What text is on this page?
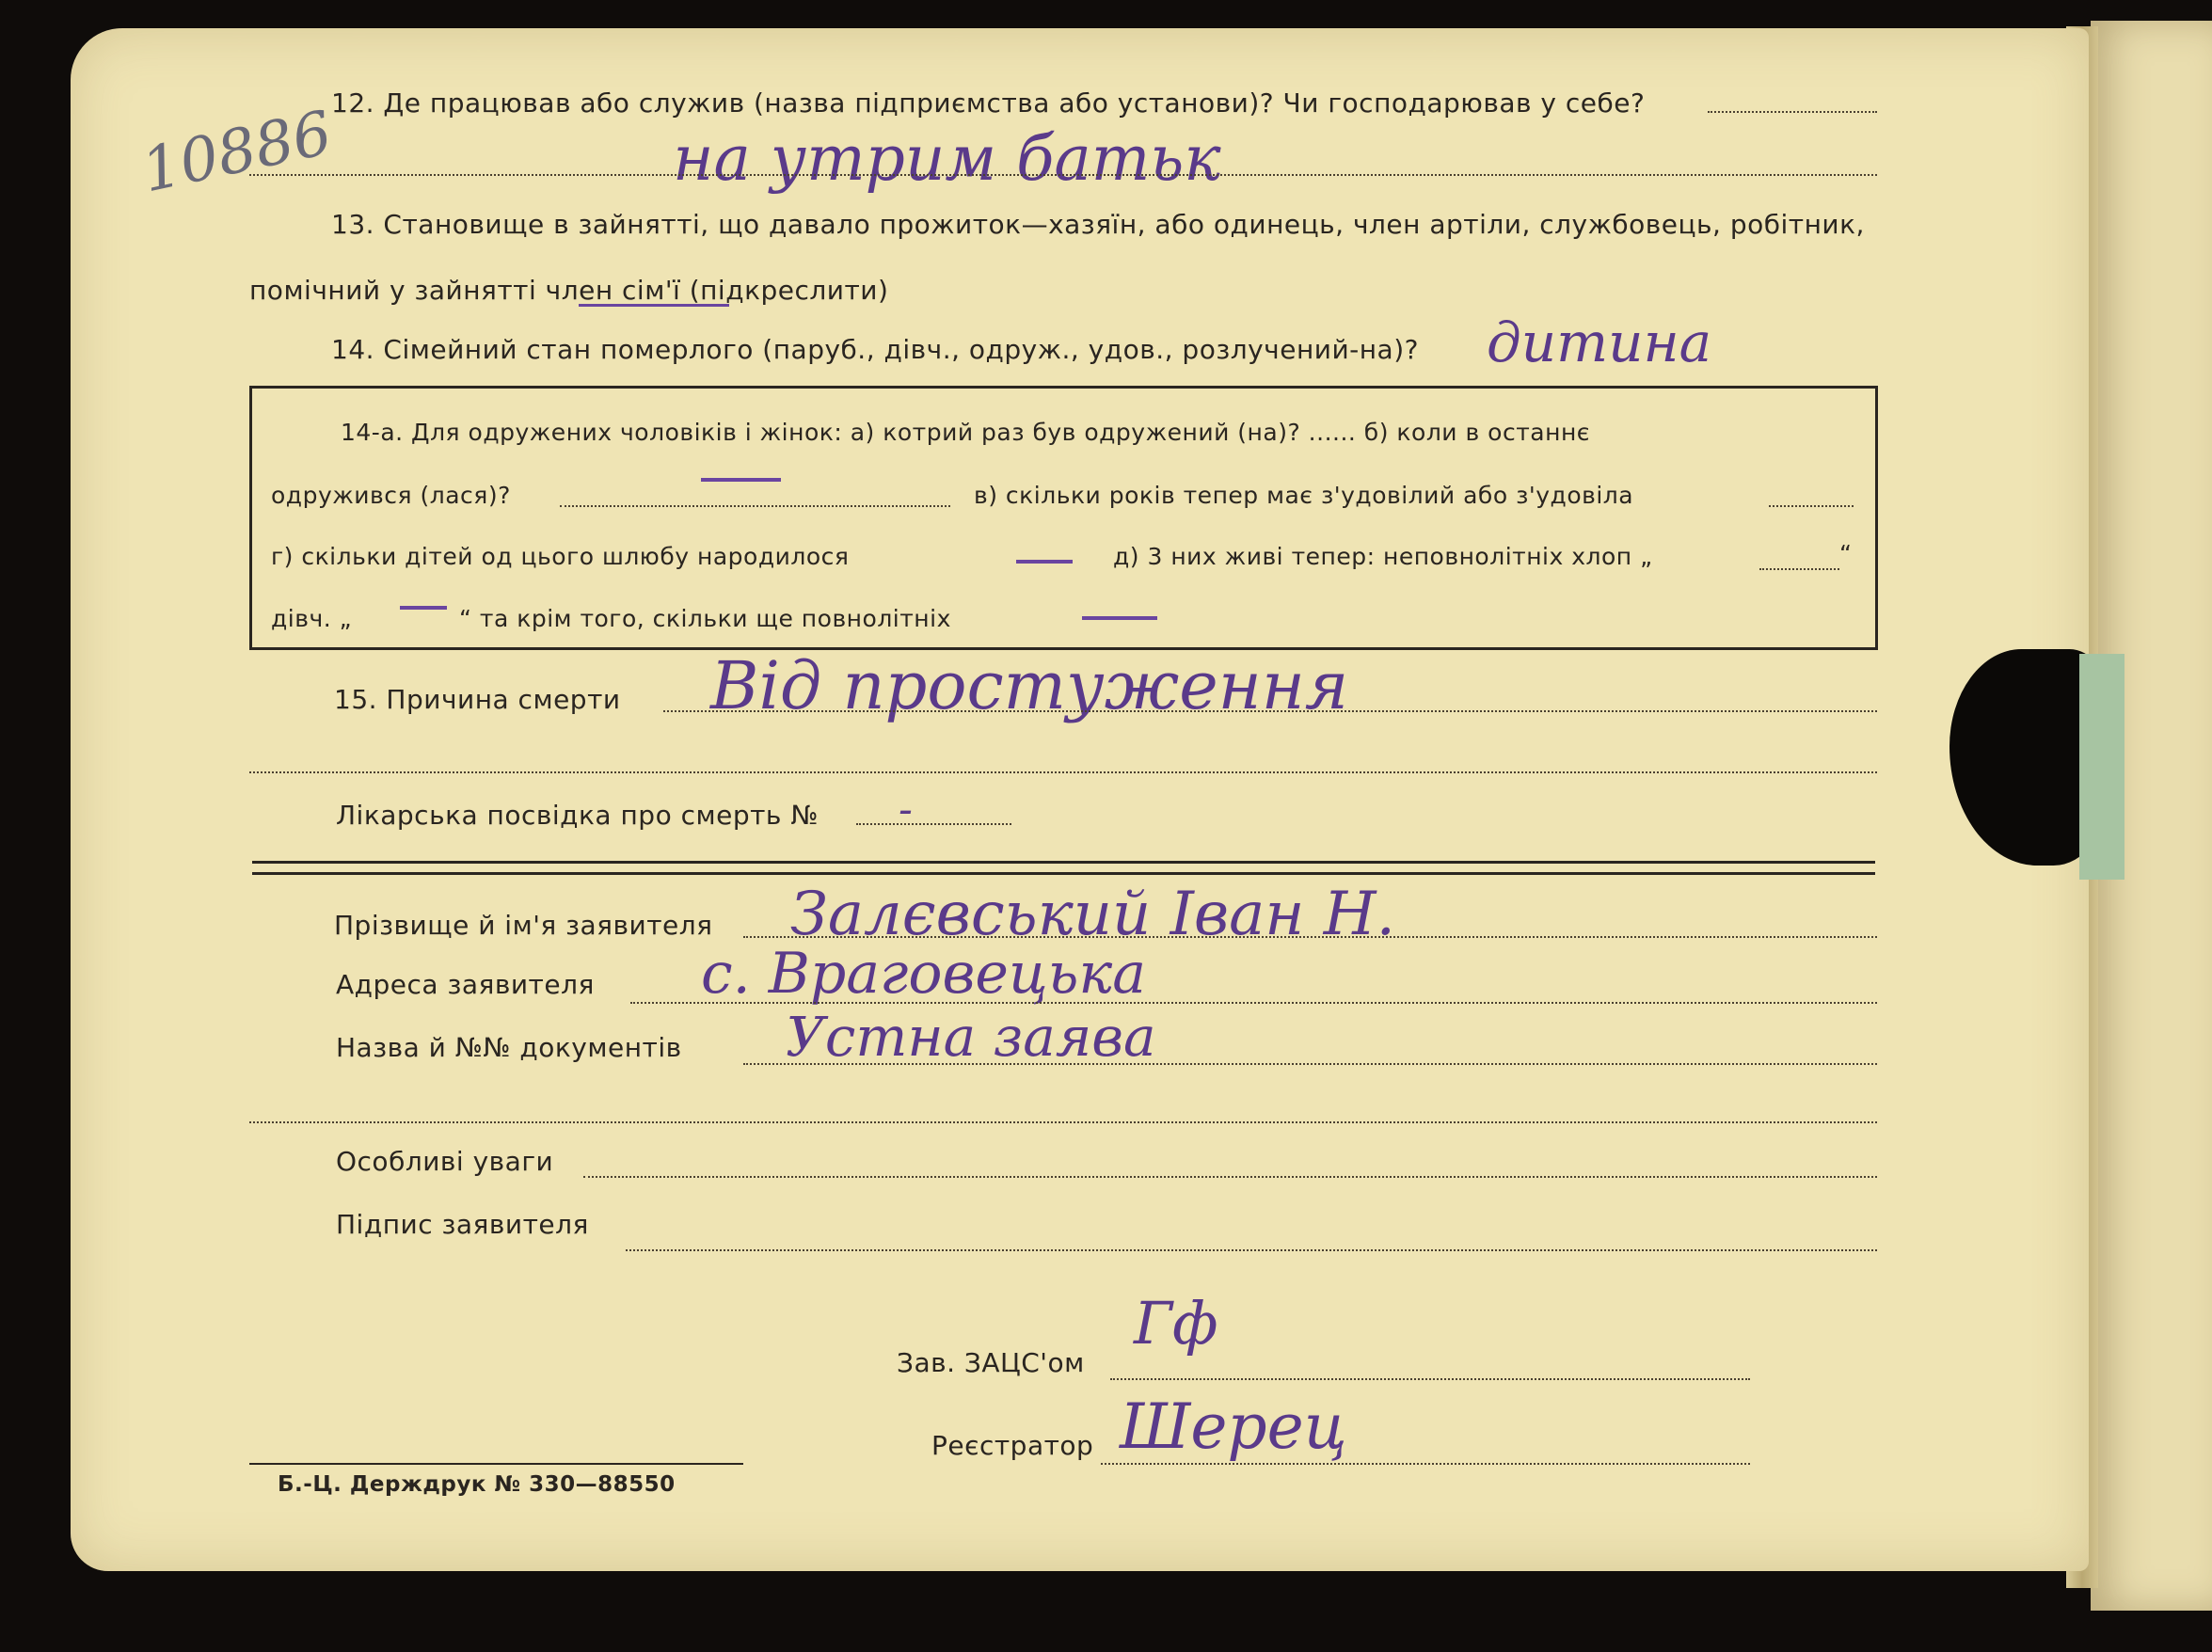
10886
12. Де працював або служив (назва підприємства або установи)? Чи господарював у себе?
на утрим батьк
13. Становище в зайнятті, що давало прожиток—хазяїн, або одинець, член артіли, службовець, робітник,
помічний у зайнятті член сім'ї (підкреслити)
14. Сімейний стан померлого (паруб., дівч., одруж., удов., розлучений-на)? дитина
14-а. Для одружених чоловіків і жінок: а) котрий раз був одружений (на)? ...... б) коли в останнє
одружився (лася)?	в) скільки років тепер має з'удовілий або з'удовіла
г) скільки дітей од цього шлюбу народилося	д) 3 них живі тепер: неповнолітніх хлоп „	“
дівч. „	“ та крім того, скільки ще повнолітніх
15. Причина смерти Від простуження
Лікарська посвідка про смерть № -
Прізвище й ім'я заявителя Залєвський Іван Н.
Адреса заявителя с. Враговецька
Назва й №№ документів Устна заява
Особливі уваги
Підпис заявителя
Зав. ЗАЦС'ом
Гф
Реєстратор Шерец
Б.-Ц. Держдрук № 330—88550
